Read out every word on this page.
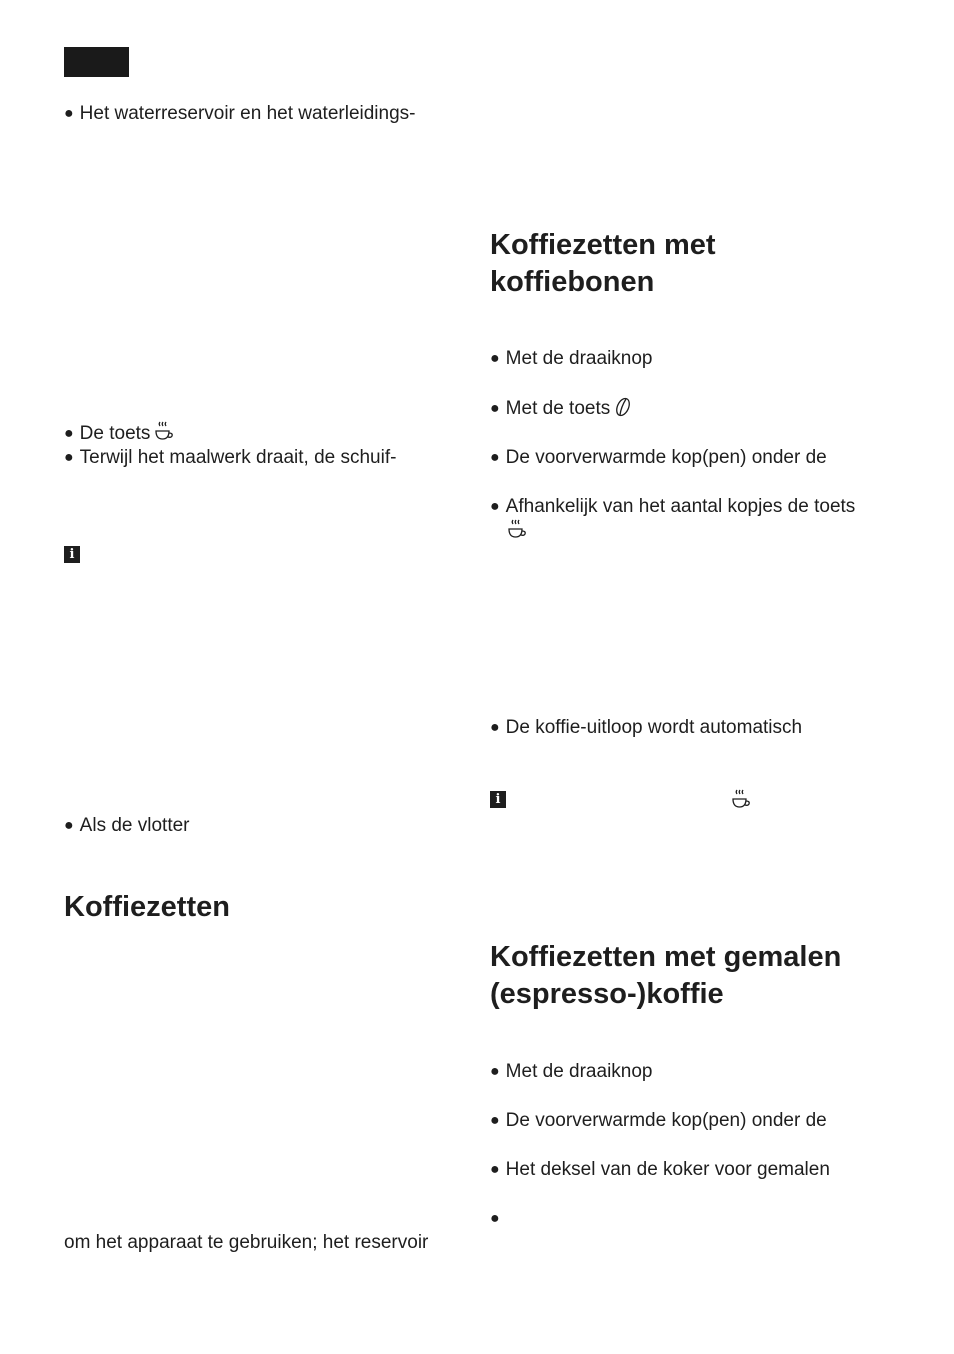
● Het waterreservoir en het waterleidings-
● De toets
● Terwijl het maalwerk draait, de schuif-
i
● Als de vlotter
Koffiezetten
om het apparaat te gebruiken; het reservoir
Koffiezetten met
koffiebonen
● Met de draaiknop
● Met de toets
● De voorverwarmde kop(pen) onder de
● Afhankelijk van het aantal kopjes de toets
● De koffie-uitloop wordt automatisch
i
Koffiezetten met gemalen
(espresso-)koffie
● Met de draaiknop
● De voorverwarmde kop(pen) onder de
● Het deksel van de koker voor gemalen
●
